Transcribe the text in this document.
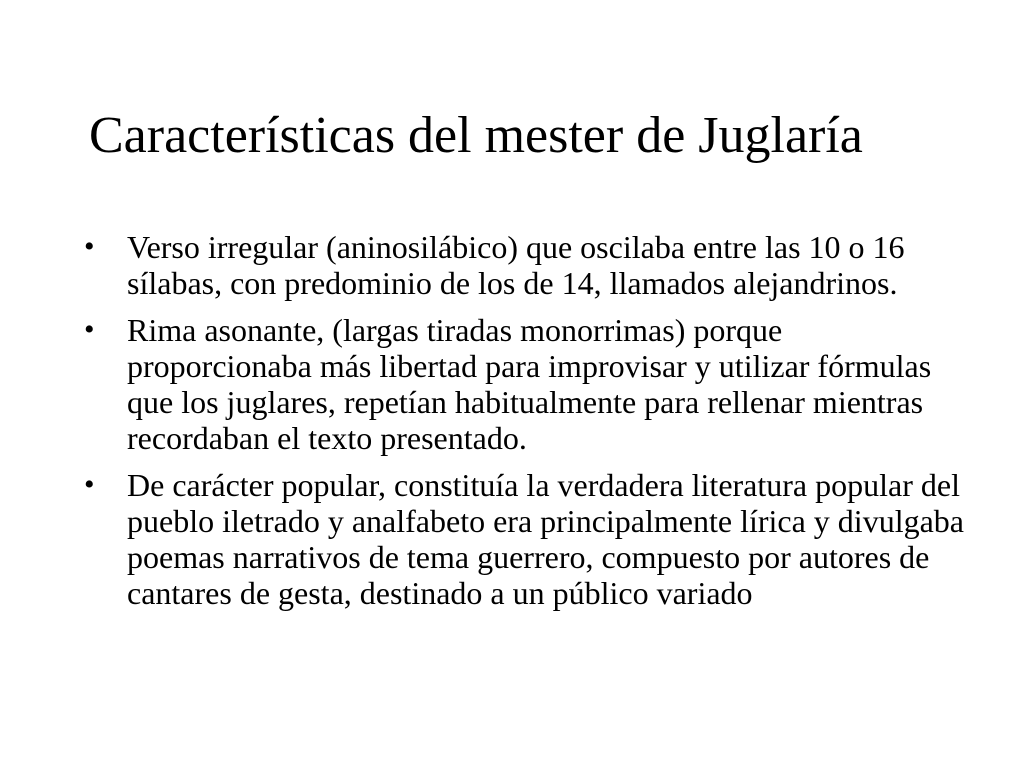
Características del mester de Juglaría
•	Verso irregular (aninosilábico) que oscilaba entre las 10 o 16 sílabas, con predominio de los de 14, llamados alejandrinos.
•	Rima asonante, (largas tiradas monorrimas) porque proporcionaba más libertad para improvisar y utilizar fórmulas que los juglares, repetían habitualmente para rellenar mientras recordaban el texto presentado.
•	De carácter popular, constituía la verdadera literatura popular del pueblo iletrado y analfabeto era principalmente lírica y divulgaba poemas narrativos de tema guerrero, compuesto por autores de cantares de gesta, destinado a un público variado
